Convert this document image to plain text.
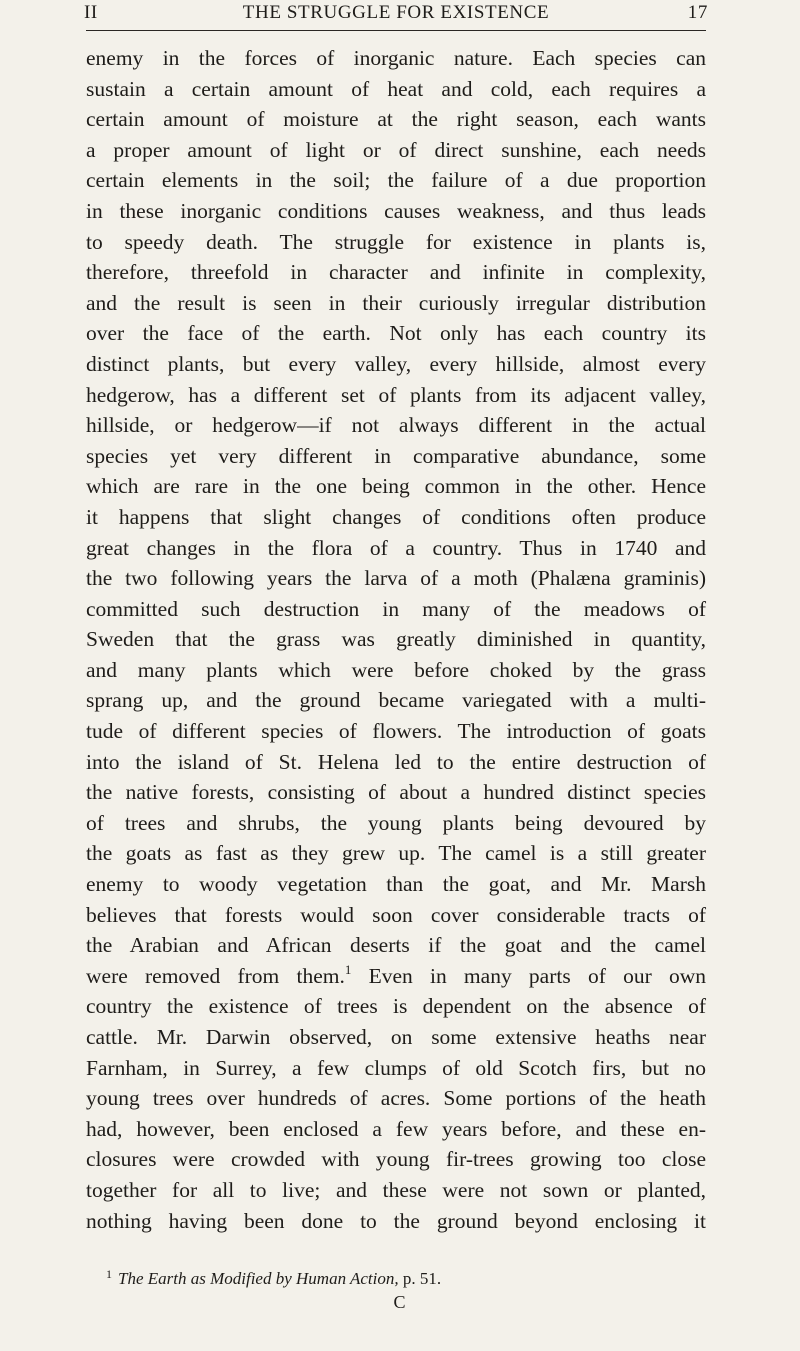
II	THE STRUGGLE FOR EXISTENCE	17
enemy in the forces of inorganic nature. Each species can
sustain a certain amount of heat and cold, each requires a
certain amount of moisture at the right season, each wants
a proper amount of light or of direct sunshine, each needs
certain elements in the soil; the failure of a due proportion
in these inorganic conditions causes weakness, and thus leads
to speedy death. The struggle for existence in plants is,
therefore, threefold in character and infinite in complexity,
and the result is seen in their curiously irregular distribution
over the face of the earth. Not only has each country its
distinct plants, but every valley, every hillside, almost every
hedgerow, has a different set of plants from its adjacent valley,
hillside, or hedgerow—if not always different in the actual
species yet very different in comparative abundance, some
which are rare in the one being common in the other. Hence
it happens that slight changes of conditions often produce
great changes in the flora of a country. Thus in 1740 and
the two following years the larva of a moth (Phalæna graminis)
committed such destruction in many of the meadows of
Sweden that the grass was greatly diminished in quantity,
and many plants which were before choked by the grass
sprang up, and the ground became variegated with a multi-
tude of different species of flowers. The introduction of goats
into the island of St. Helena led to the entire destruction of
the native forests, consisting of about a hundred distinct species
of trees and shrubs, the young plants being devoured by
the goats as fast as they grew up. The camel is a still greater
enemy to woody vegetation than the goat, and Mr. Marsh
believes that forests would soon cover considerable tracts of
the Arabian and African deserts if the goat and the camel
were removed from them.$^1$ Even in many parts of our own
country the existence of trees is dependent on the absence of
cattle. Mr. Darwin observed, on some extensive heaths near
Farnham, in Surrey, a few clumps of old Scotch firs, but no
young trees over hundreds of acres. Some portions of the heath
had, however, been enclosed a few years before, and these en-
closures were crowded with young fir-trees growing too close
together for all to live; and these were not sown or planted,
nothing having been done to the ground beyond enclosing it
$^1$ The Earth as Modified by Human Action, p. 51.
C
